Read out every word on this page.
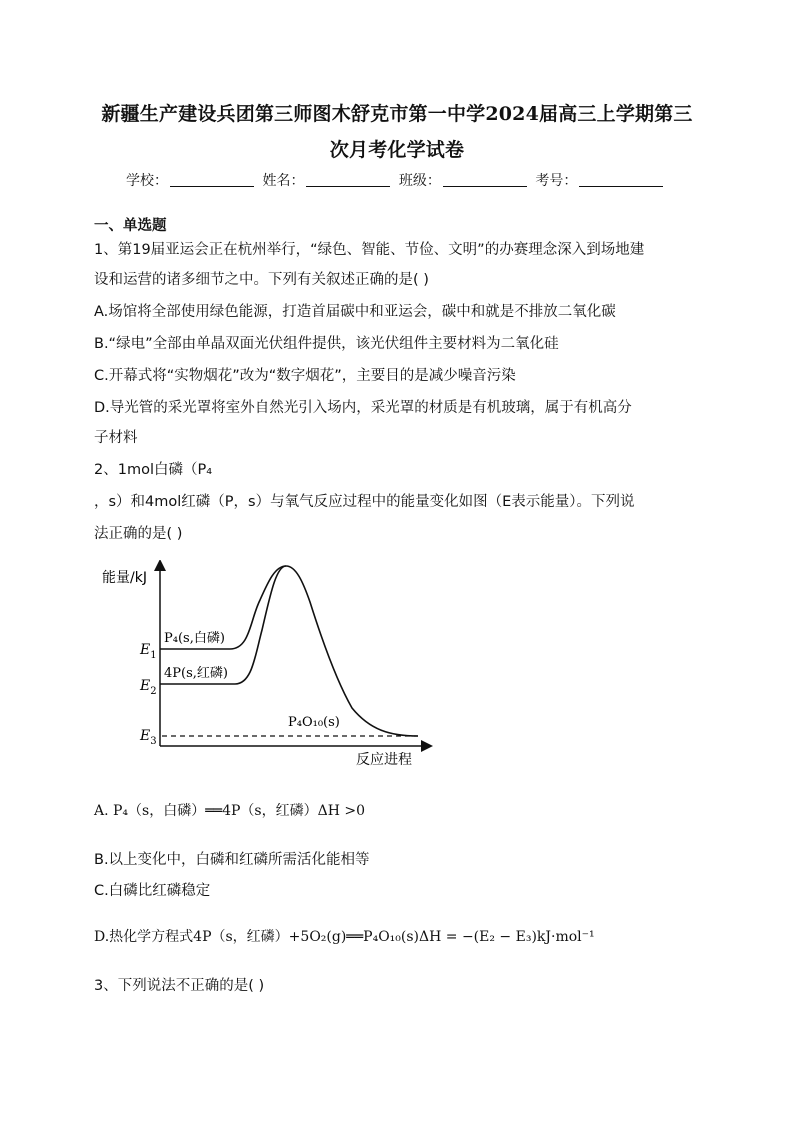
新疆生产建设兵团第三师图木舒克市第一中学2024届高三上学期第三
次月考化学试卷
学校：	姓名：	班级：	考号：
一、单选题
1、第19届亚运会正在杭州举行，“绿色、智能、节俭、文明”的办赛理念深入到场地建
设和运营的诸多细节之中。下列有关叙述正确的是( )
A.场馆将全部使用绿色能源，打造首届碳中和亚运会，碳中和就是不排放二氧化碳
B.“绿电”全部由单晶双面光伏组件提供，该光伏组件主要材料为二氧化硅
C.开幕式将“实物烟花”改为“数字烟花”，主要目的是减少噪音污染
D.导光管的采光罩将室外自然光引入场内，采光罩的材质是有机玻璃，属于有机高分
子材料
2、1mol白磷（P₄
，s）和4mol红磷（P，s）与氧气反应过程中的能量变化如图（E表示能量）。下列说
法正确的是( )
能量/kJ
反应进程
$E_1$
$E_2$
$E_3$
P₄(s,白磷)
4P(s,红磷)
P₄O₁₀(s)
A. P₄（s，白磷）══4P（s，红磷）ΔH >0
B.以上变化中，白磷和红磷所需活化能相等
C.白磷比红磷稳定
D.热化学方程式4P（s，红磷）+5O₂(g)══P₄O₁₀(s)ΔH = −(E₂ − E₃)kJ·mol⁻¹
3、下列说法不正确的是( )
